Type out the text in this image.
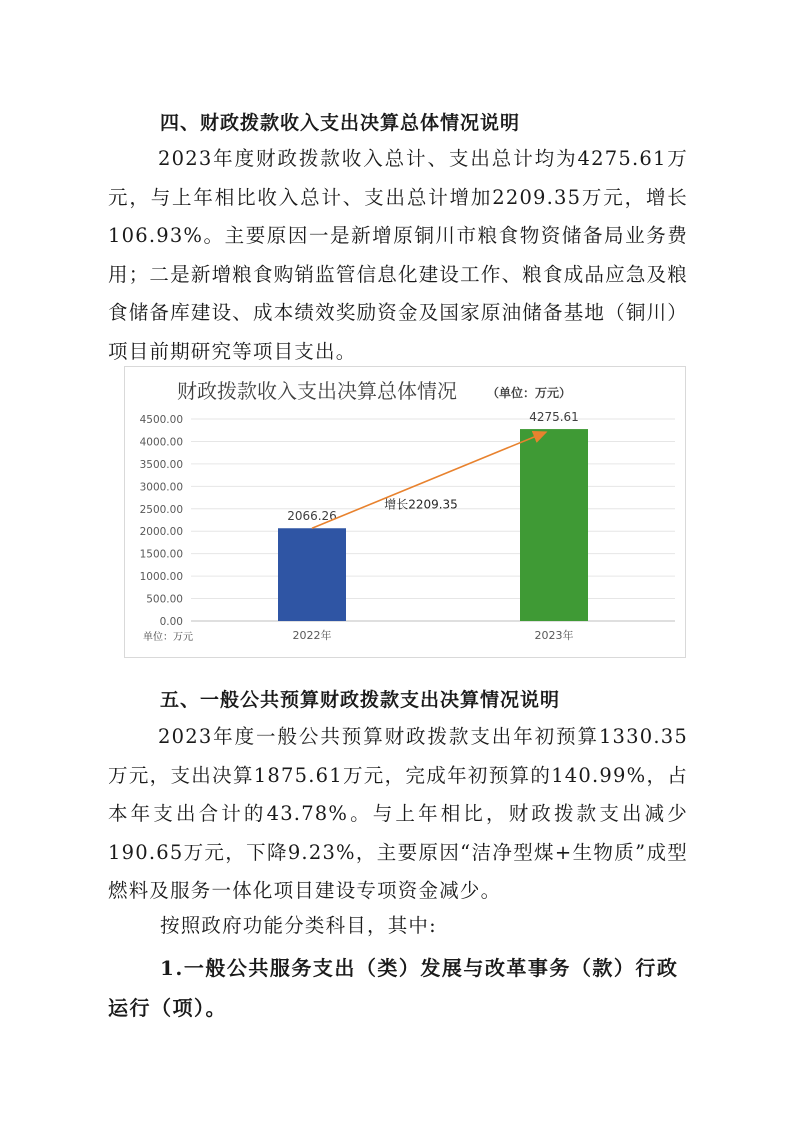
四、财政拨款收入支出决算总体情况说明

2023年度财政拨款收入总计、支出总计均为4275.61万元，与上年相比收入总计、支出总计增加2209.35万元，增长106.93%。主要原因一是新增原铜川市粮食物资储备局业务费用；二是新增粮食购销监管信息化建设工作、粮食成品应急及粮食储备库建设、成本绩效奖励资金及国家原油储备基地（铜川）项目前期研究等项目支出。

财政拨款收入支出决算总体情况	（单位：万元）
0.00
500.00
1000.00
1500.00
2000.00
2500.00
3000.00
3500.00
4000.00
4500.00
单位：万元
2066.26
2022年
4275.61
2023年
增长2209.35
五、一般公共预算财政拨款支出决算情况说明

2023年度一般公共预算财政拨款支出年初预算1330.35万元，支出决算1875.61万元，完成年初预算的140.99%，占本年支出合计的43.78%。与上年相比，财政拨款支出减少190.65万元，下降9.23%，主要原因“洁净型煤+生物质”成型燃料及服务一体化项目建设专项资金减少。

按照政府功能分类科目，其中:
1.一般公共服务支出（类）发展与改革事务（款）行政
运行（项）。
